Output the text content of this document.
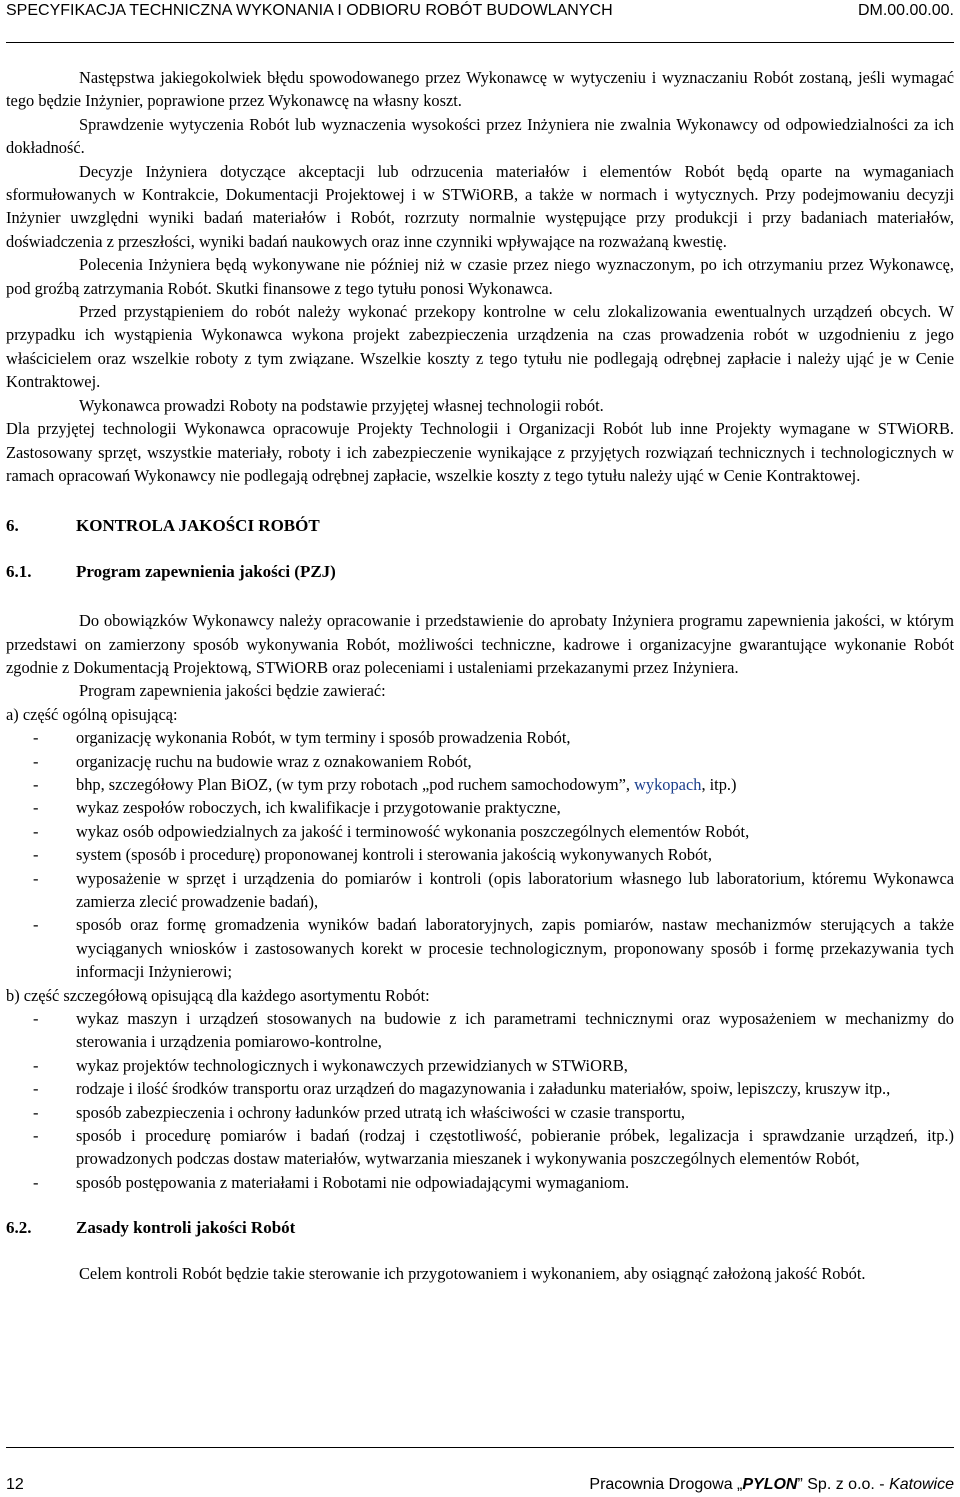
SPECYFIKACJA TECHNICZNA WYKONANIA I ODBIORU ROBÓT BUDOWLANYCH	DM.00.00.00.

Następstwa jakiegokolwiek błędu spowodowanego przez Wykonawcę w wytyczeniu i wyznaczaniu Robót zostaną, jeśli wymagać tego będzie Inżynier, poprawione przez Wykonawcę na własny koszt.

Sprawdzenie wytyczenia Robót lub wyznaczenia wysokości przez Inżyniera nie zwalnia Wykonawcy od odpowiedzialności za ich dokładność.

Decyzje Inżyniera dotyczące akceptacji lub odrzucenia materiałów i elementów Robót będą oparte na wymaganiach sformułowanych w Kontrakcie, Dokumentacji Projektowej i w STWiORB, a także w normach i wytycznych. Przy podejmowaniu decyzji Inżynier uwzględni wyniki badań materiałów i Robót, rozrzuty normalnie występujące przy produkcji i przy badaniach materiałów, doświadczenia z przeszłości, wyniki badań naukowych oraz inne czynniki wpływające na rozważaną kwestię.

Polecenia Inżyniera będą wykonywane nie później niż w czasie przez niego wyznaczonym, po ich otrzymaniu przez Wykonawcę, pod groźbą zatrzymania Robót. Skutki finansowe z tego tytułu ponosi Wykonawca.

Przed przystąpieniem do robót należy wykonać przekopy kontrolne w celu zlokalizowania ewentualnych urządzeń obcych. W przypadku ich wystąpienia Wykonawca wykona projekt zabezpieczenia urządzenia na czas prowadzenia robót w uzgodnieniu z jego właścicielem oraz wszelkie roboty z tym związane. Wszelkie koszty z tego tytułu nie podlegają odrębnej zapłacie i należy ująć je w Cenie Kontraktowej.

Wykonawca prowadzi Roboty na podstawie przyjętej własnej technologii robót.

Dla przyjętej technologii Wykonawca opracowuje Projekty Technologii i Organizacji Robót lub inne Projekty wymagane w STWiORB. Zastosowany sprzęt, wszystkie materiały, roboty i ich zabezpieczenie wynikające z przyjętych rozwiązań technicznych i technologicznych w ramach opracowań Wykonawcy nie podlegają odrębnej zapłacie, wszelkie koszty z tego tytułu należy ująć w Cenie Kontraktowej.

6.	KONTROLA JAKOŚCI ROBÓT
6.1.	Program zapewnienia jakości (PZJ)

Do obowiązków Wykonawcy należy opracowanie i przedstawienie do aprobaty Inżyniera programu zapewnienia jakości, w którym przedstawi on zamierzony sposób wykonywania Robót, możliwości techniczne, kadrowe i organizacyjne gwarantujące wykonanie Robót zgodnie z Dokumentacją Projektową, STWiORB oraz poleceniami i ustaleniami przekazanymi przez Inżyniera.

Program zapewnienia jakości będzie zawierać:

a) część ogólną opisującą:

- organizację wykonania Robót, w tym terminy i sposób prowadzenia Robót,
- organizację ruchu na budowie wraz z oznakowaniem Robót,
- bhp, szczegółowy Plan BiOZ, (w tym przy robotach „pod ruchem samochodowym”, wykopach, itp.)
- wykaz zespołów roboczych, ich kwalifikacje i przygotowanie praktyczne,
- wykaz osób odpowiedzialnych za jakość i terminowość wykonania poszczególnych elementów Robót,
- system (sposób i procedurę) proponowanej kontroli i sterowania jakością wykonywanych Robót,
- wyposażenie w sprzęt i urządzenia do pomiarów i kontroli (opis laboratorium własnego lub laboratorium, któremu Wykonawca zamierza zlecić prowadzenie badań),
- sposób oraz formę gromadzenia wyników badań laboratoryjnych, zapis pomiarów, nastaw mechanizmów sterujących a także wyciąganych wniosków i zastosowanych korekt w procesie technologicznym, proponowany sposób i formę przekazywania tych informacji Inżynierowi;

b) część szczegółową opisującą dla każdego asortymentu Robót:

- wykaz maszyn i urządzeń stosowanych na budowie z ich parametrami technicznymi oraz wyposażeniem w mechanizmy do sterowania i urządzenia pomiarowo-kontrolne,
- wykaz projektów technologicznych i wykonawczych przewidzianych w STWiORB,
- rodzaje i ilość środków transportu oraz urządzeń do magazynowania i załadunku materiałów, spoiw, lepiszczy, kruszyw itp.,
- sposób zabezpieczenia i ochrony ładunków przed utratą ich właściwości w czasie transportu,
- sposób i procedurę pomiarów i badań (rodzaj i częstotliwość, pobieranie próbek, legalizacja i sprawdzanie urządzeń, itp.) prowadzonych podczas dostaw materiałów, wytwarzania mieszanek i wykonywania poszczególnych elementów Robót,
- sposób postępowania z materiałami i Robotami nie odpowiadającymi wymaganiom.
6.2.	Zasady kontroli jakości Robót

Celem kontroli Robót będzie takie sterowanie ich przygotowaniem i wykonaniem, aby osiągnąć założoną jakość Robót.

12	Pracownia Drogowa „PYLON” Sp. z o.o. - Katowice
